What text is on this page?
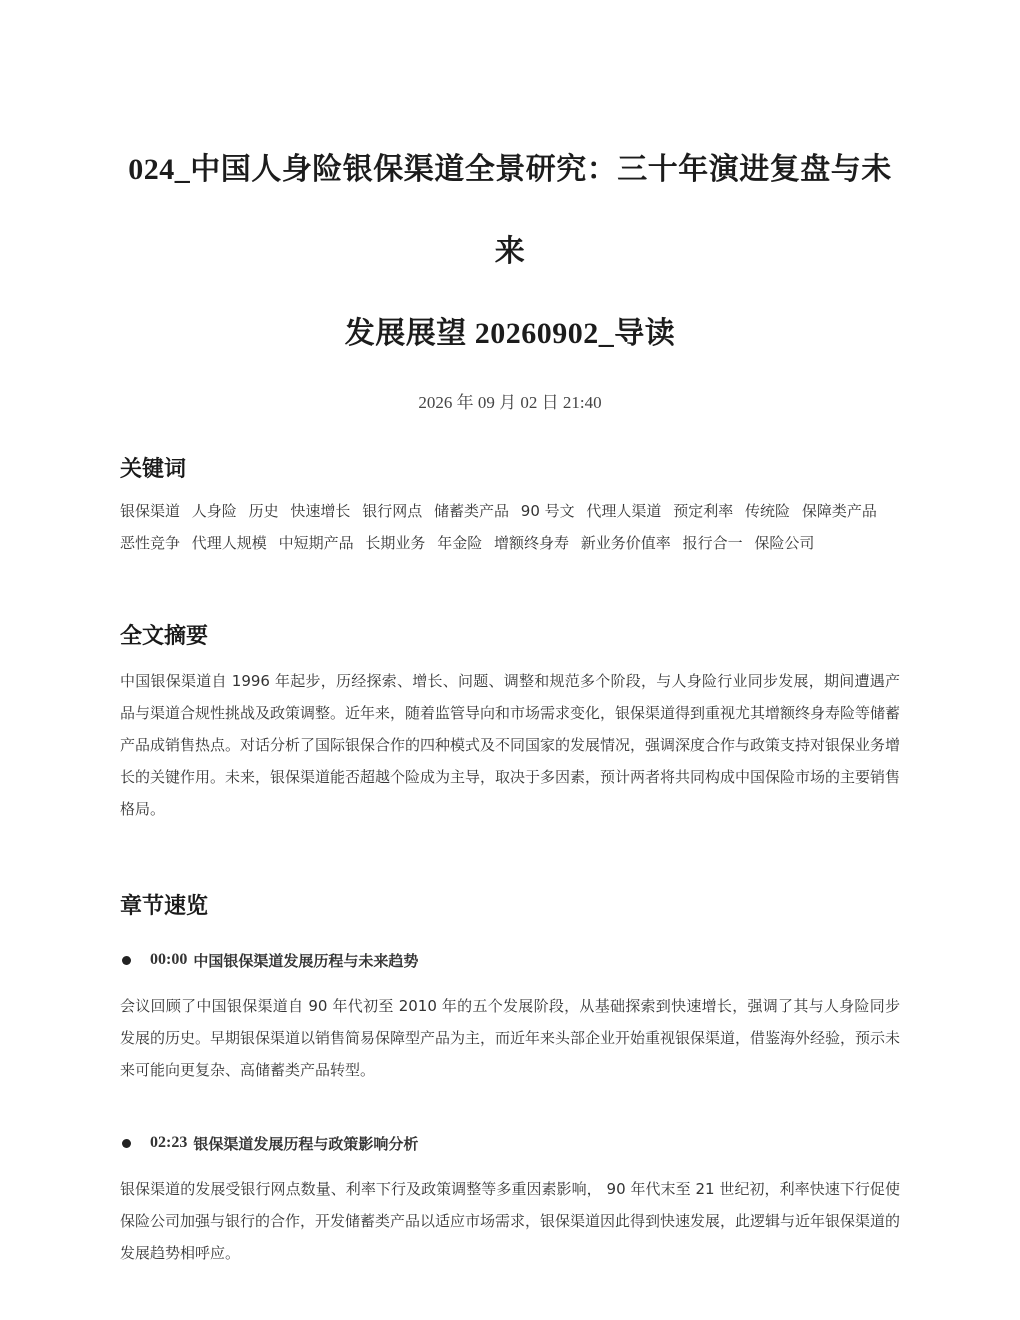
024_中国人身险银保渠道全景研究：三十年演进复盘与未来
发展展望 20260902_导读
2026 年 09 月 02 日 21:40
关键词
银保渠道 人身险 历史 快速增长 银行网点 储蓄类产品 90 号文 代理人渠道 预定利率 传统险 保障类产品 恶性竞争 代理人规模 中短期产品 长期业务 年金险 增额终身寿 新业务价值率 报行合一 保险公司
全文摘要

中国银保渠道自 1996 年起步，历经探索、增长、问题、调整和规范多个阶段，与人身险行业同步发展，期间遭遇产品与渠道合规性挑战及政策调整。近年来，随着监管导向和市场需求变化，银保渠道得到重视尤其增额终身寿险等储蓄产品成销售热点。对话分析了国际银保合作的四种模式及不同国家的发展情况，强调深度合作与政策支持对银保业务增长的关键作用。未来，银保渠道能否超越个险成为主导，取决于多因素，预计两者将共同构成中国保险市场的主要销售格局。

章节速览
00:00 中国银保渠道发展历程与未来趋势

会议回顾了中国银保渠道自 90 年代初至 2010 年的五个发展阶段，从基础探索到快速增长，强调了其与人身险同步发展的历史。早期银保渠道以销售简易保障型产品为主，而近年来头部企业开始重视银保渠道，借鉴海外经验，预示未来可能向更复杂、高储蓄类产品转型。

02:23 银保渠道发展历程与政策影响分析

银保渠道的发展受银行网点数量、利率下行及政策调整等多重因素影响， 90 年代末至 21 世纪初，利率快速下行促使保险公司加强与银行的合作，开发储蓄类产品以适应市场需求，银保渠道因此得到快速发展，此逻辑与近年银保渠道的发展趋势相呼应。
